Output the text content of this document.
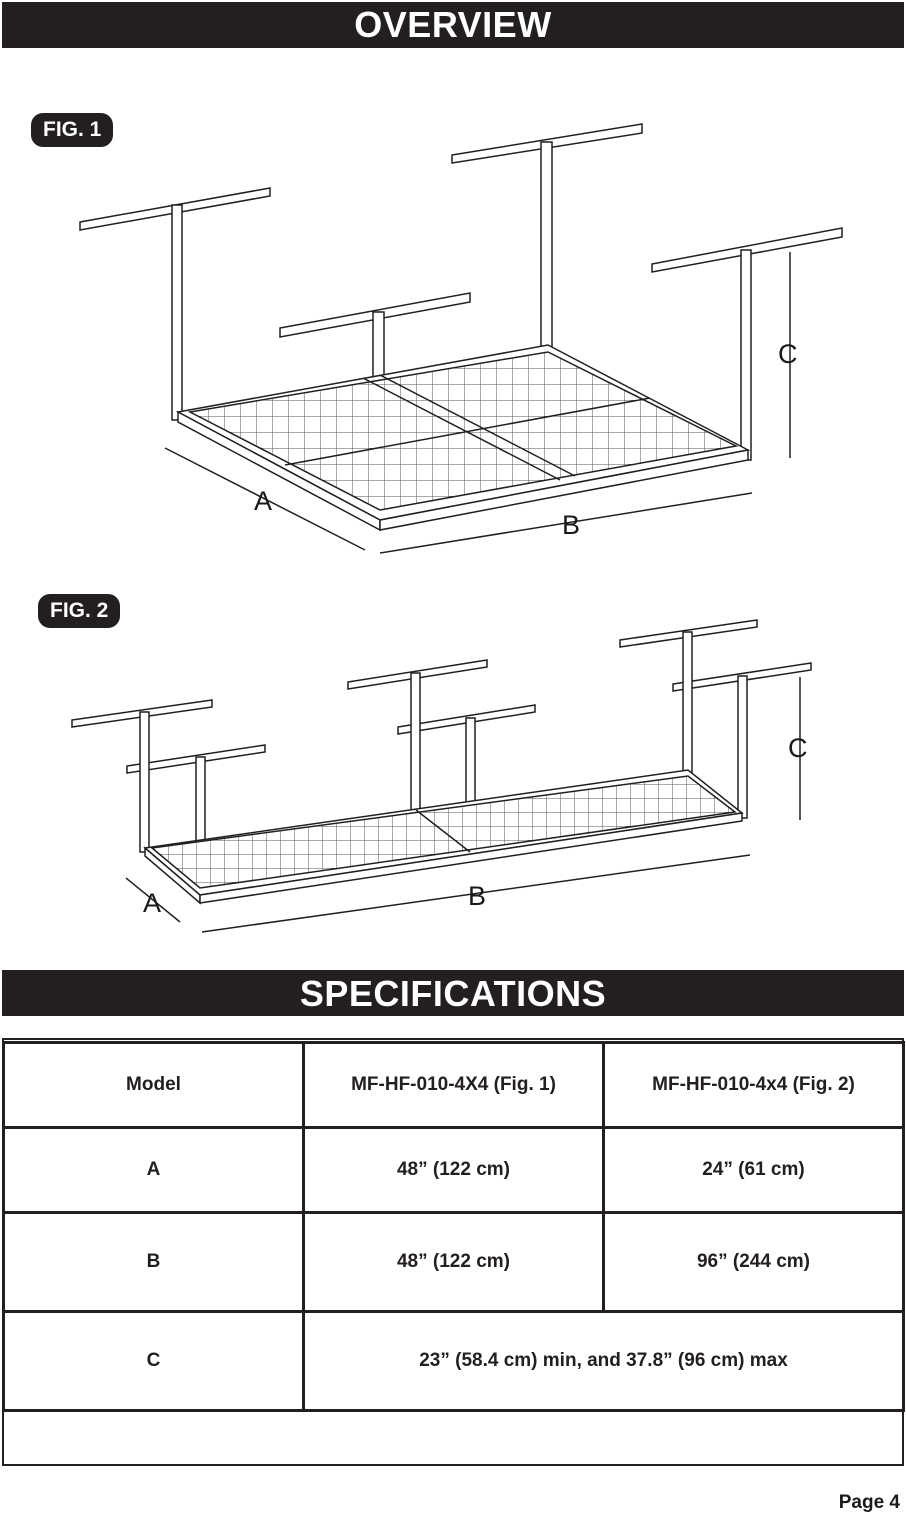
OVERVIEW
FIG. 1
A
B
C
FIG. 2
A	B
C
SPECIFICATIONS
Model	MF-HF-010-4X4 (Fig. 1)	MF-HF-010-4x4 (Fig. 2)
A	48” (122 cm)	24” (61 cm)
B	48” (122 cm)	96” (244 cm)
C	23” (58.4 cm) min, and 37.8” (96 cm) max	
Page 4
